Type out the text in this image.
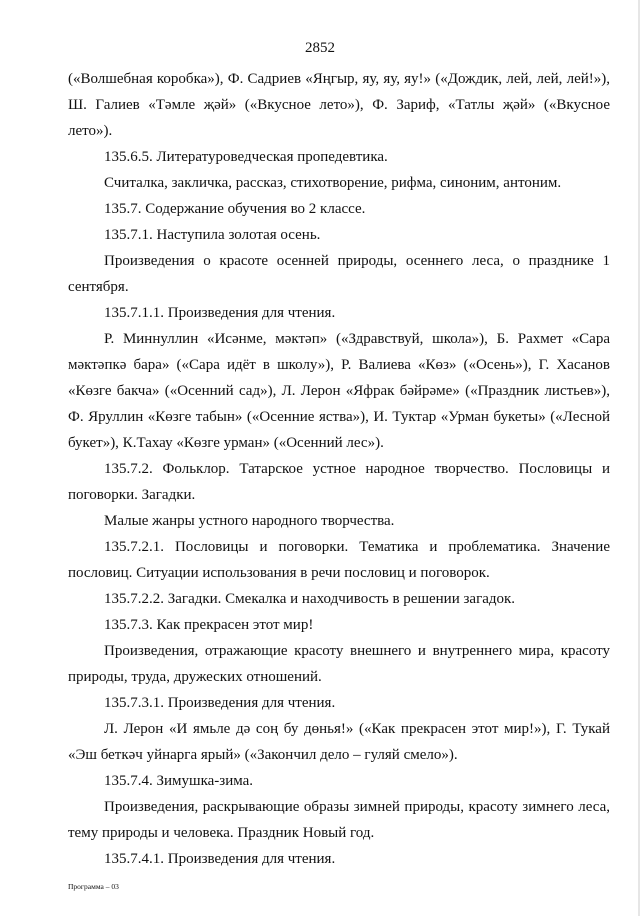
2852

(«Волшебная коробка»), Ф. Садриев «Яңгыр, яу, яу, яу!» («Дождик, лей, лей, лей!»), Ш. Галиев «Тәмле җәй» («Вкусное лето»), Ф. Зариф, «Татлы җәй» («Вкусное лето»).

135.6.5. Литературоведческая пропедевтика.

Считалка, закличка, рассказ, стихотворение, рифма, синоним, антоним.

135.7. Содержание обучения во 2 классе.

135.7.1. Наступила золотая осень.

Произведения о красоте осенней природы, осеннего леса, о празднике 1 сентября.

135.7.1.1. Произведения для чтения.

Р. Миннуллин «Исәнме, мәктәп» («Здравствуй, школа»), Б. Рахмет «Сара мәктәпкә бара» («Сара идёт в школу»), Р. Валиева «Көз» («Осень»), Г. Хасанов «Көзге бакча» («Осенний сад»), Л. Лерон «Яфрак бәйрәме» («Праздник листьев»), Ф. Яруллин «Көзге табын» («Осенние яства»), И. Туктар «Урман букеты» («Лесной букет»), К.Тахау «Көзге урман» («Осенний лес»).

135.7.2. Фольклор. Татарское устное народное творчество. Пословицы и поговорки. Загадки.

Малые жанры устного народного творчества.

135.7.2.1. Пословицы и поговорки. Тематика и проблематика. Значение пословиц. Ситуации использования в речи пословиц и поговорок.

135.7.2.2. Загадки. Смекалка и находчивость в решении загадок.

135.7.3. Как прекрасен этот мир!

Произведения, отражающие красоту внешнего и внутреннего мира, красоту природы, труда, дружеских отношений.

135.7.3.1. Произведения для чтения.

Л. Лерон «И ямьле дә соң бу дөнья!» («Как прекрасен этот мир!»), Г. Тукай «Эш беткәч уйнарга ярый» («Закончил дело – гуляй смело»).

135.7.4. Зимушка-зима.

Произведения, раскрывающие образы зимней природы, красоту зимнего леса, тему природы и человека. Праздник Новый год.

135.7.4.1. Произведения для чтения.

Программа – 03
